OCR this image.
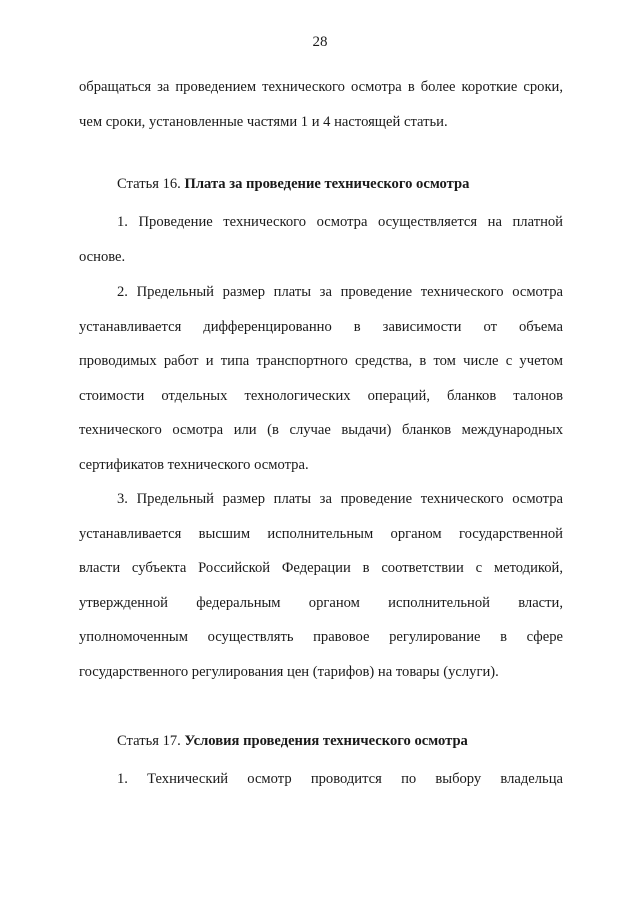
28
обращаться за проведением технического осмотра в более короткие сроки,
чем сроки, установленные частями 1 и 4 настоящей статьи.
Статья 16. Плата за проведение технического осмотра
1. Проведение технического осмотра осуществляется на платной
основе.
2. Предельный размер платы за проведение технического осмотра
устанавливается дифференцированно в зависимости от объема
проводимых работ и типа транспортного средства, в том числе с учетом
стоимости отдельных технологических операций, бланков талонов
технического осмотра или (в случае выдачи) бланков международных
сертификатов технического осмотра.
3. Предельный размер платы за проведение технического осмотра
устанавливается высшим исполнительным органом государственной
власти субъекта Российской Федерации в соответствии с методикой,
утвержденной федеральным органом исполнительной власти,
уполномоченным осуществлять правовое регулирование в сфере
государственного регулирования цен (тарифов) на товары (услуги).
Статья 17. Условия проведения технического осмотра
1. Технический осмотр проводится по выбору владельца
